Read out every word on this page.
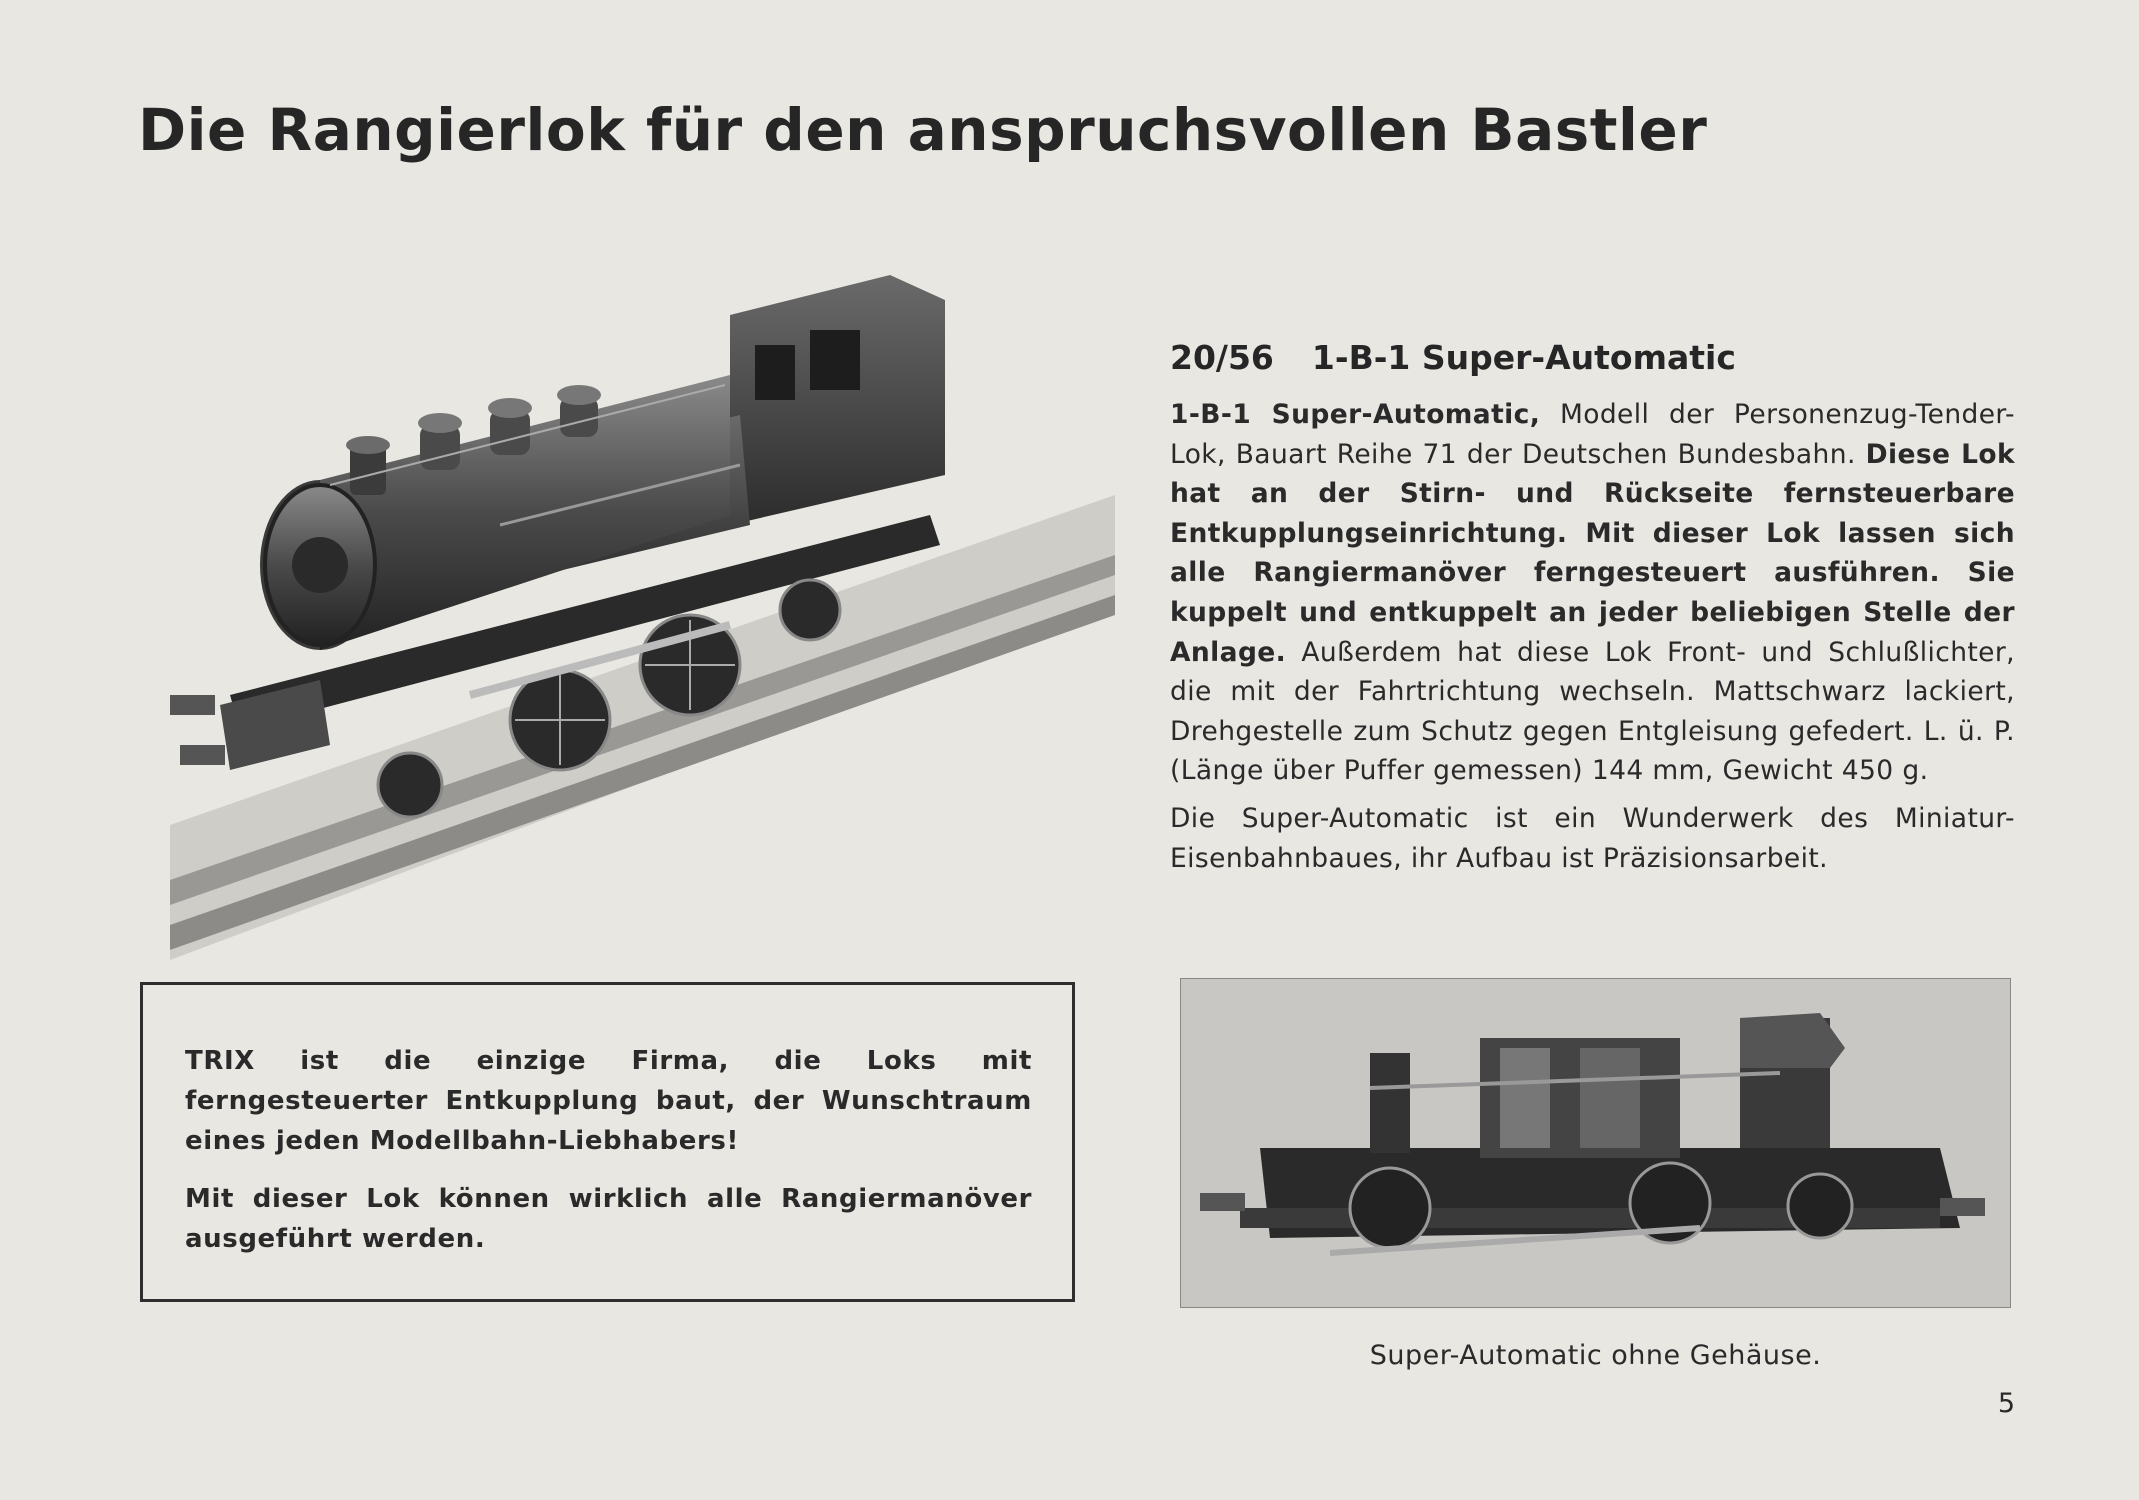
Die Rangierlok für den anspruchsvollen Bastler
20/56 1-B-1 Super-Automatic

1-B-1 Super-Automatic, Modell der Personenzug-Tender-Lok, Bauart Reihe 71 der Deutschen Bundesbahn. Diese Lok hat an der Stirn- und Rückseite fernsteuerbare Entkupplungseinrichtung. Mit dieser Lok lassen sich alle Rangiermanöver ferngesteuert ausführen. Sie kuppelt und entkuppelt an jeder beliebigen Stelle der Anlage. Außerdem hat diese Lok Front- und Schlußlichter, die mit der Fahrtrichtung wechseln. Mattschwarz lackiert, Drehgestelle zum Schutz gegen Entgleisung gefedert. L. ü. P. (Länge über Puffer gemessen) 144 mm, Gewicht 450 g.

Die Super-Automatic ist ein Wunderwerk des Miniatur-Eisenbahnbaues, ihr Aufbau ist Präzisionsarbeit.

TRIX ist die einzige Firma, die Loks mit ferngesteuerter Entkupplung baut, der Wunschtraum eines jeden Modellbahn-Liebhabers!

Mit dieser Lok können wirklich alle Rangiermanöver ausgeführt werden.

Super-Automatic ohne Gehäuse.
5
